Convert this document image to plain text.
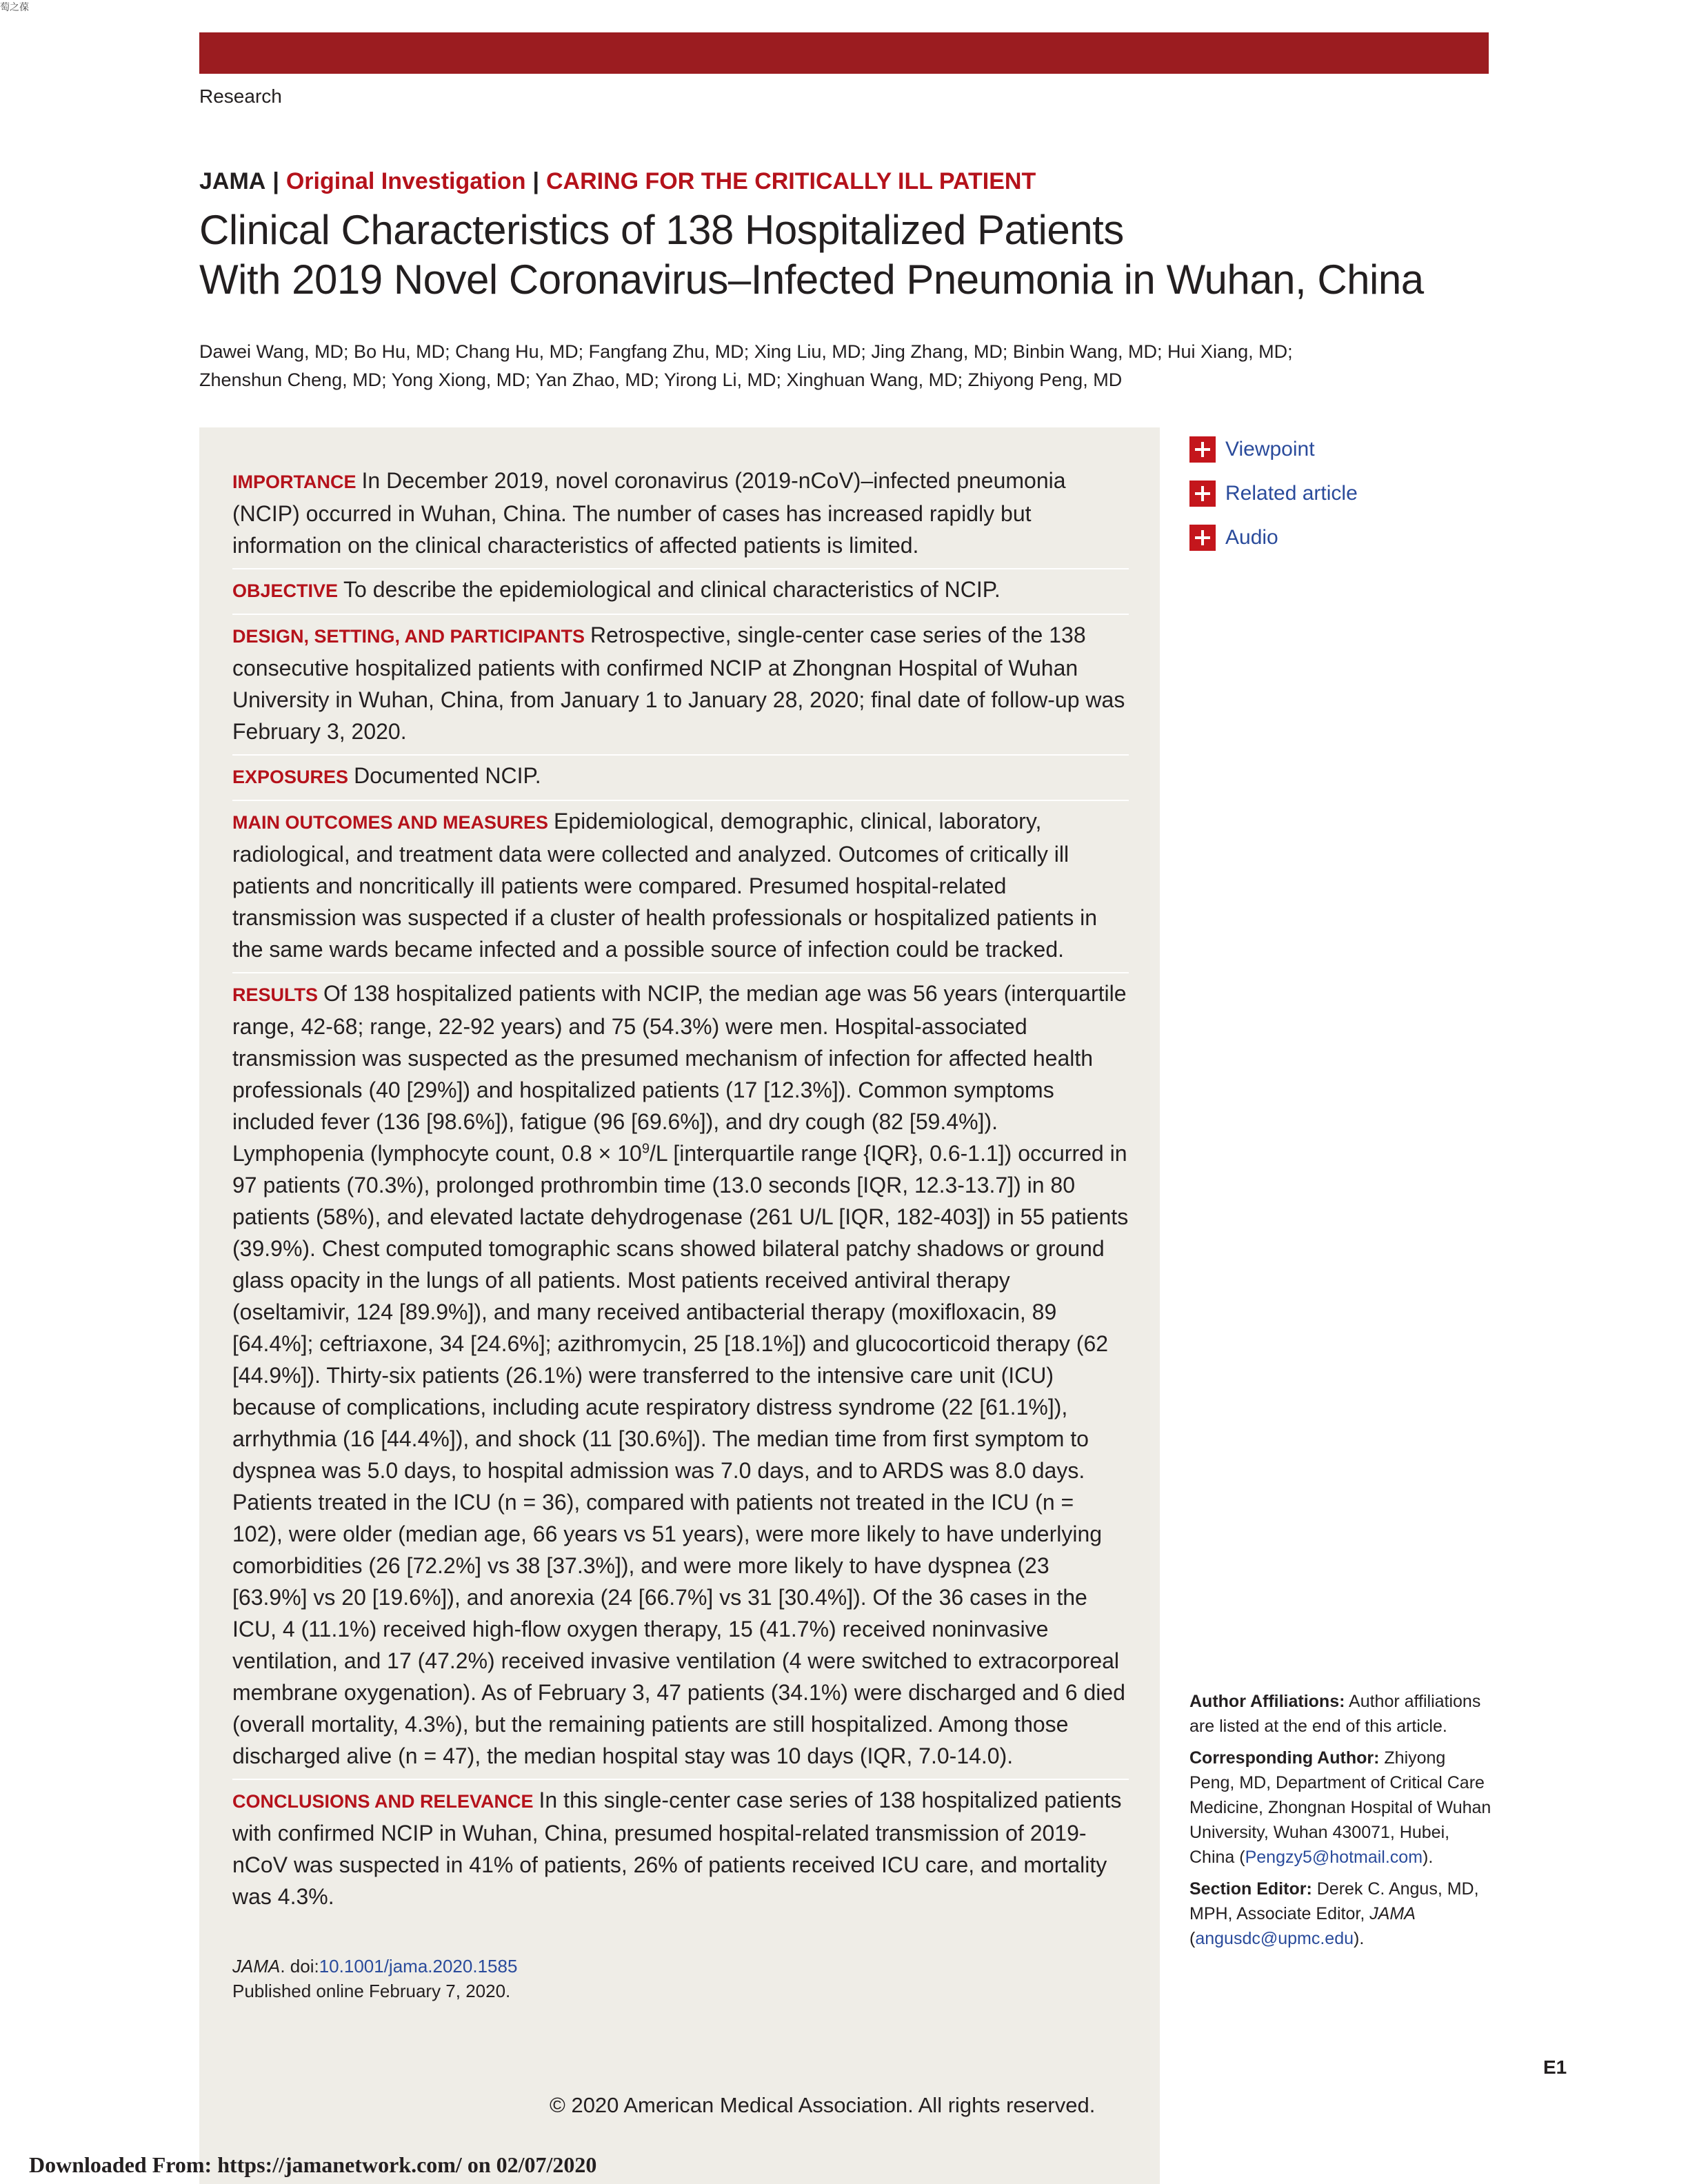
萄之葆
Research
JAMA | Original Investigation | CARING FOR THE CRITICALLY ILL PATIENT
Clinical Characteristics of 138 Hospitalized Patients
With 2019 Novel Coronavirus–Infected Pneumonia in Wuhan, China
Dawei Wang, MD; Bo Hu, MD; Chang Hu, MD; Fangfang Zhu, MD; Xing Liu, MD; Jing Zhang, MD; Binbin Wang, MD; Hui Xiang, MD;
Zhenshun Cheng, MD; Yong Xiong, MD; Yan Zhao, MD; Yirong Li, MD; Xinghuan Wang, MD; Zhiyong Peng, MD
IMPORTANCE In December 2019, novel coronavirus (2019-nCoV)–infected pneumonia (NCIP) occurred in Wuhan, China. The number of cases has increased rapidly but information on the clinical characteristics of affected patients is limited.
OBJECTIVE To describe the epidemiological and clinical characteristics of NCIP.
DESIGN, SETTING, AND PARTICIPANTS Retrospective, single-center case series of the 138 consecutive hospitalized patients with confirmed NCIP at Zhongnan Hospital of Wuhan University in Wuhan, China, from January 1 to January 28, 2020; final date of follow-up was February 3, 2020.
EXPOSURES Documented NCIP.
MAIN OUTCOMES AND MEASURES Epidemiological, demographic, clinical, laboratory, radiological, and treatment data were collected and analyzed. Outcomes of critically ill patients and noncritically ill patients were compared. Presumed hospital-related transmission was suspected if a cluster of health professionals or hospitalized patients in the same wards became infected and a possible source of infection could be tracked.
RESULTS Of 138 hospitalized patients with NCIP, the median age was 56 years (interquartile range, 42-68; range, 22-92 years) and 75 (54.3%) were men. Hospital-associated transmission was suspected as the presumed mechanism of infection for affected health professionals (40 [29%]) and hospitalized patients (17 [12.3%]). Common symptoms included fever (136 [98.6%]), fatigue (96 [69.6%]), and dry cough (82 [59.4%]). Lymphopenia (lymphocyte count, $0.8 \times 10^9/L$ [interquartile range {IQR}, 0.6-1.1]) occurred in 97 patients (70.3%), prolonged prothrombin time (13.0 seconds [IQR, 12.3-13.7]) in 80 patients (58%), and elevated lactate dehydrogenase (261 U/L [IQR, 182-403]) in 55 patients (39.9%). Chest computed tomographic scans showed bilateral patchy shadows or ground glass opacity in the lungs of all patients. Most patients received antiviral therapy (oseltamivir, 124 [89.9%]), and many received antibacterial therapy (moxifloxacin, 89 [64.4%]; ceftriaxone, 34 [24.6%]; azithromycin, 25 [18.1%]) and glucocorticoid therapy (62 [44.9%]). Thirty-six patients (26.1%) were transferred to the intensive care unit (ICU) because of complications, including acute respiratory distress syndrome (22 [61.1%]), arrhythmia (16 [44.4%]), and shock (11 [30.6%]). The median time from first symptom to dyspnea was 5.0 days, to hospital admission was 7.0 days, and to ARDS was 8.0 days. Patients treated in the ICU (n = 36), compared with patients not treated in the ICU (n = 102), were older (median age, 66 years vs 51 years), were more likely to have underlying comorbidities (26 [72.2%] vs 38 [37.3%]), and were more likely to have dyspnea (23 [63.9%] vs 20 [19.6%]), and anorexia (24 [66.7%] vs 31 [30.4%]). Of the 36 cases in the ICU, 4 (11.1%) received high-flow oxygen therapy, 15 (41.7%) received noninvasive ventilation, and 17 (47.2%) received invasive ventilation (4 were switched to extracorporeal membrane oxygenation). As of February 3, 47 patients (34.1%) were discharged and 6 died (overall mortality, 4.3%), but the remaining patients are still hospitalized. Among those discharged alive (n = 47), the median hospital stay was 10 days (IQR, 7.0-14.0).
CONCLUSIONS AND RELEVANCE In this single-center case series of 138 hospitalized patients with confirmed NCIP in Wuhan, China, presumed hospital-related transmission of 2019-nCoV was suspected in 41% of patients, 26% of patients received ICU care, and mortality was 4.3%.
JAMA. doi:10.1001/jama.2020.1585
Published online February 7, 2020.
© 2020 American Medical Association. All rights reserved.
Viewpoint
Related article
Audio

Author Affiliations: Author affiliations are listed at the end of this article.

Corresponding Author: Zhiyong Peng, MD, Department of Critical Care Medicine, Zhongnan Hospital of Wuhan University, Wuhan 430071, Hubei, China (Pengzy5@hotmail.com).

Section Editor: Derek C. Angus, MD, MPH, Associate Editor, JAMA (angusdc@upmc.edu).

E1
Downloaded From: https://jamanetwork.com/ on 02/07/2020
